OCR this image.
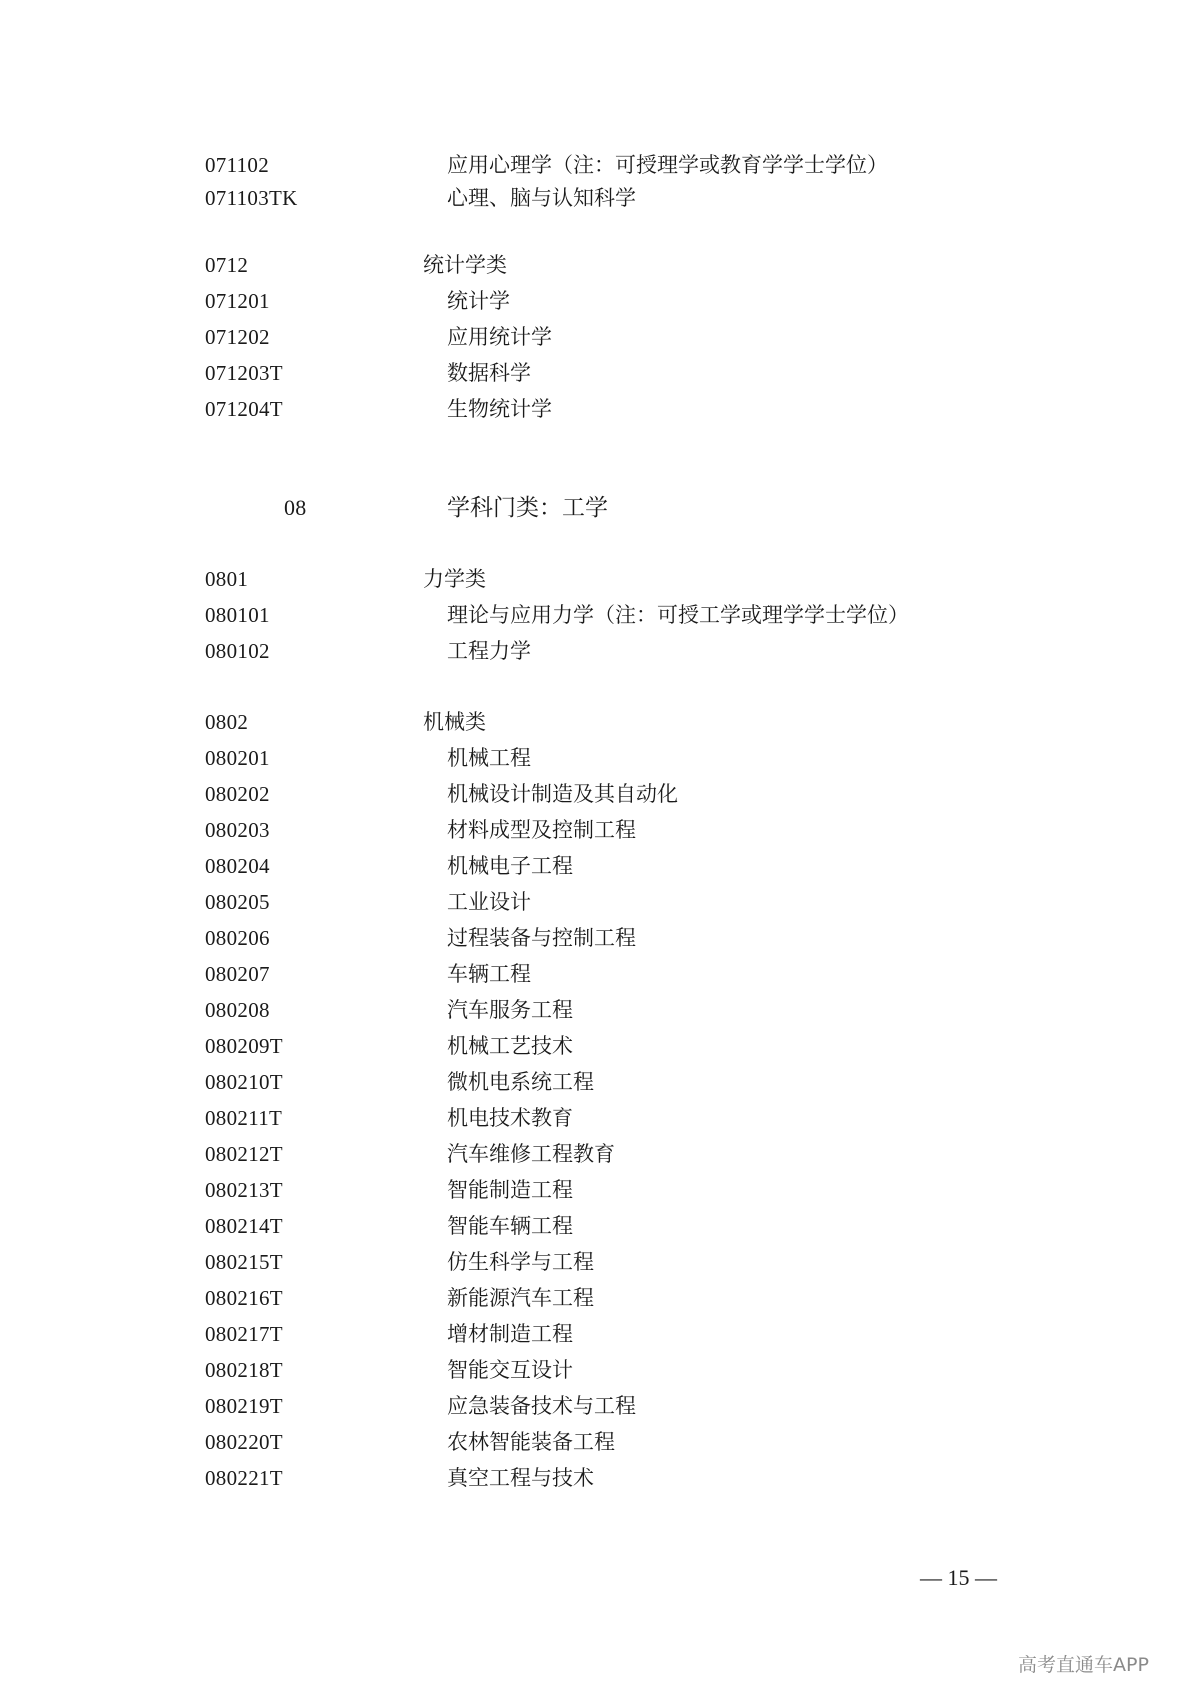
071102	应用心理学（注：可授理学或教育学学士学位）
071103TK	心理、脑与认知科学
0712	统计学类
071201	统计学
071202	应用统计学
071203T	数据科学
071204T	生物统计学
08	学科门类：工学
0801	力学类
080101	理论与应用力学（注：可授工学或理学学士学位）
080102	工程力学
0802	机械类
080201	机械工程
080202	机械设计制造及其自动化
080203	材料成型及控制工程
080204	机械电子工程
080205	工业设计
080206	过程装备与控制工程
080207	车辆工程
080208	汽车服务工程
080209T	机械工艺技术
080210T	微机电系统工程
080211T	机电技术教育
080212T	汽车维修工程教育
080213T	智能制造工程
080214T	智能车辆工程
080215T	仿生科学与工程
080216T	新能源汽车工程
080217T	增材制造工程
080218T	智能交互设计
080219T	应急装备技术与工程
080220T	农林智能装备工程
080221T	真空工程与技术
— 15 —
高考直通车APP
